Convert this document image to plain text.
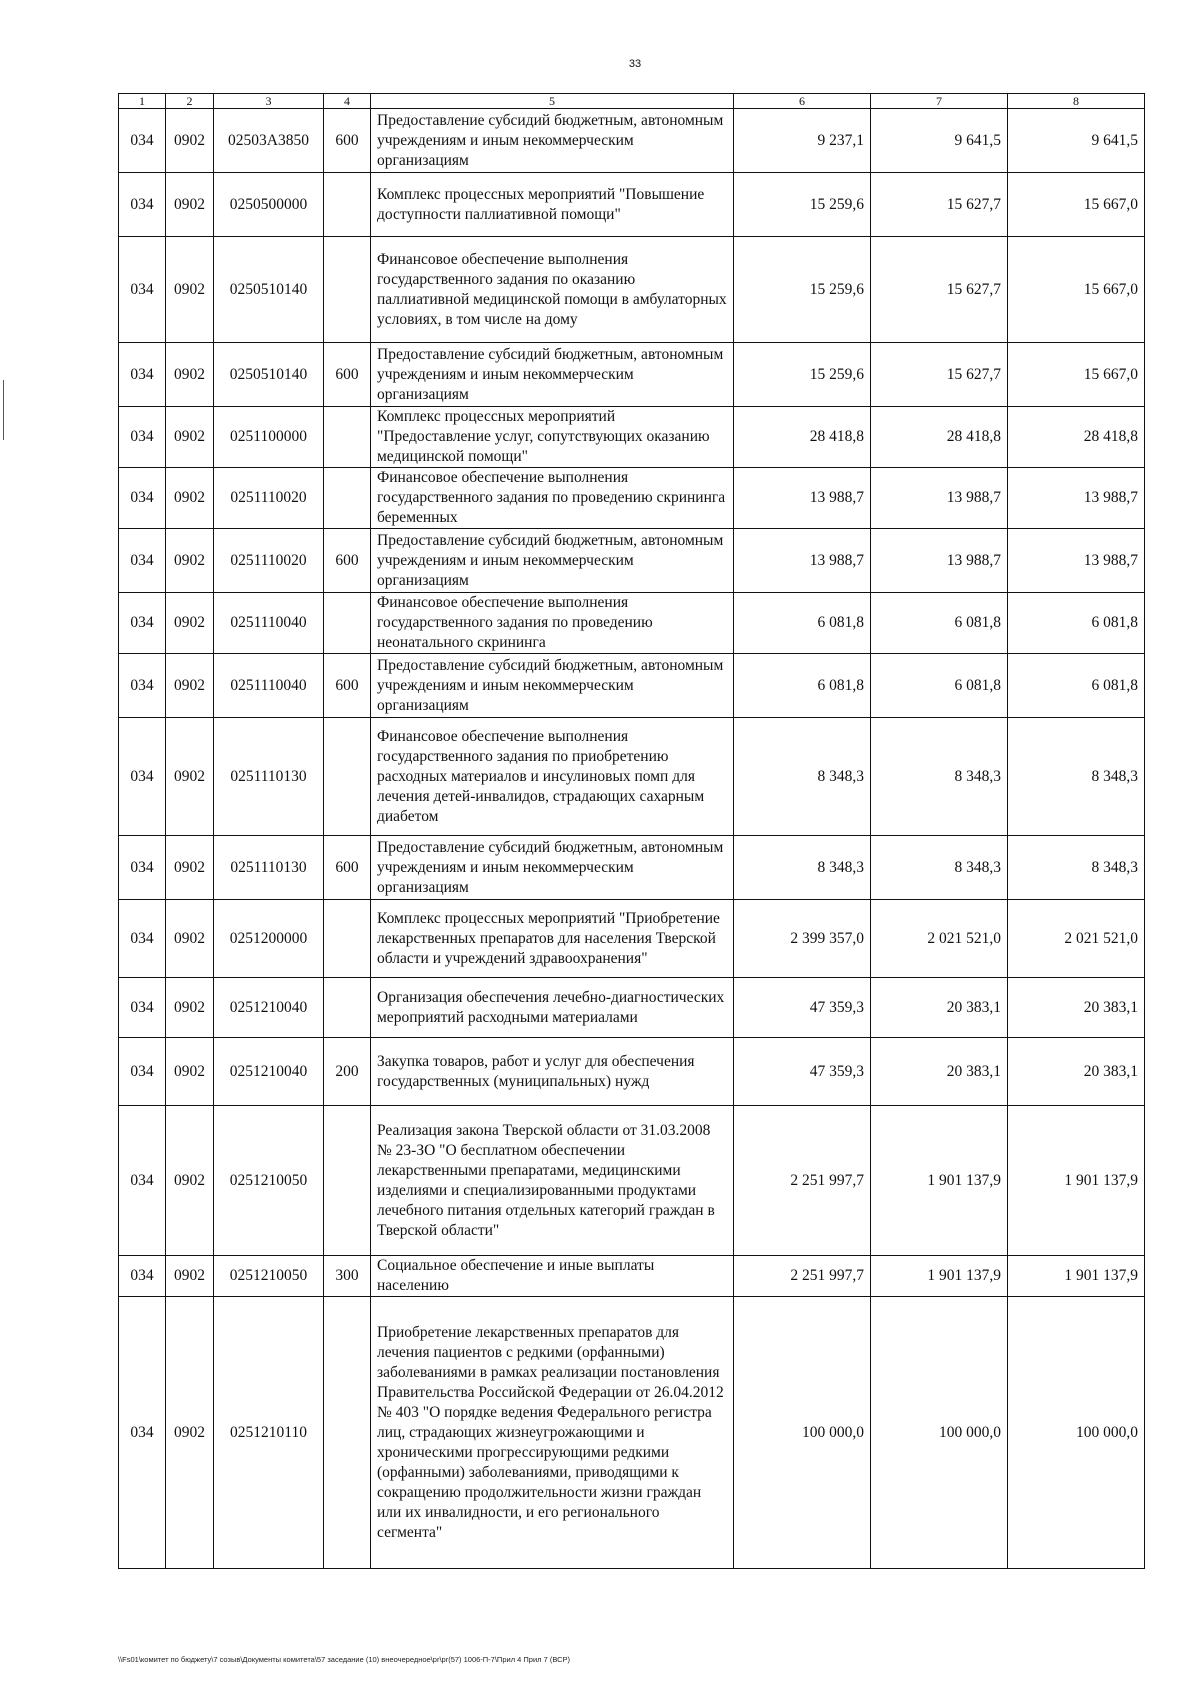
33
1	2	3	4	5	6	7	8
034	0902	02503A3850	600	Предоставление субсидий бюджетным, автономным учреждениям и иным некоммерческим организациям	9 237,1	9 641,5	9 641,5
034	0902	0250500000		Комплекс процессных мероприятий "Повышение доступности паллиативной помощи"	15 259,6	15 627,7	15 667,0
034	0902	0250510140		Финансовое обеспечение выполнения государственного задания по оказанию паллиативной медицинской помощи в амбулаторных условиях, в том числе на дому	15 259,6	15 627,7	15 667,0
034	0902	0250510140	600	Предоставление субсидий бюджетным, автономным учреждениям и иным некоммерческим организациям	15 259,6	15 627,7	15 667,0
034	0902	0251100000		Комплекс процессных мероприятий "Предоставление услуг, сопутствующих оказанию медицинской помощи"	28 418,8	28 418,8	28 418,8
034	0902	0251110020		Финансовое обеспечение выполнения государственного задания по проведению скрининга беременных	13 988,7	13 988,7	13 988,7
034	0902	0251110020	600	Предоставление субсидий бюджетным, автономным учреждениям и иным некоммерческим организациям	13 988,7	13 988,7	13 988,7
034	0902	0251110040		Финансовое обеспечение выполнения государственного задания по проведению неонатального скрининга	6 081,8	6 081,8	6 081,8
034	0902	0251110040	600	Предоставление субсидий бюджетным, автономным учреждениям и иным некоммерческим организациям	6 081,8	6 081,8	6 081,8
034	0902	0251110130		Финансовое обеспечение выполнения государственного задания по приобретению расходных материалов и инсулиновых помп для лечения детей-инвалидов, страдающих сахарным диабетом	8 348,3	8 348,3	8 348,3
034	0902	0251110130	600	Предоставление субсидий бюджетным, автономным учреждениям и иным некоммерческим организациям	8 348,3	8 348,3	8 348,3
034	0902	0251200000		Комплекс процессных мероприятий "Приобретение лекарственных препаратов для населения Тверской области и учреждений здравоохранения"	2 399 357,0	2 021 521,0	2 021 521,0
034	0902	0251210040		Организация обеспечения лечебно-диагностических мероприятий расходными материалами	47 359,3	20 383,1	20 383,1
034	0902	0251210040	200	Закупка товаров, работ и услуг для обеспечения государственных (муниципальных) нужд	47 359,3	20 383,1	20 383,1
034	0902	0251210050		Реализация закона Тверской области от 31.03.2008 № 23-ЗО "О бесплатном обеспечении лекарственными препаратами, медицинскими изделиями и специализированными продуктами лечебного питания отдельных категорий граждан в Тверской области"	2 251 997,7	1 901 137,9	1 901 137,9
034	0902	0251210050	300	Социальное обеспечение и иные выплаты населению	2 251 997,7	1 901 137,9	1 901 137,9
034	0902	0251210110		Приобретение лекарственных препаратов для лечения пациентов с редкими (орфанными) заболеваниями в рамках реализации постановления Правительства Российской Федерации от 26.04.2012 № 403 "О порядке ведения Федерального регистра лиц, страдающих жизнеугрожающими и хроническими прогрессирующими редкими (орфанными) заболеваниями, приводящими к сокращению продолжительности жизни граждан или их инвалидности, и его регионального сегмента"	100 000,0	100 000,0	100 000,0
\\Fs01\комитет по бюджету\7 созыв\Документы комитета\57 заседание (10) внеочередное\pr\pr(57) 1006-П-7\Прил 4 Прил 7 (ВСР)
